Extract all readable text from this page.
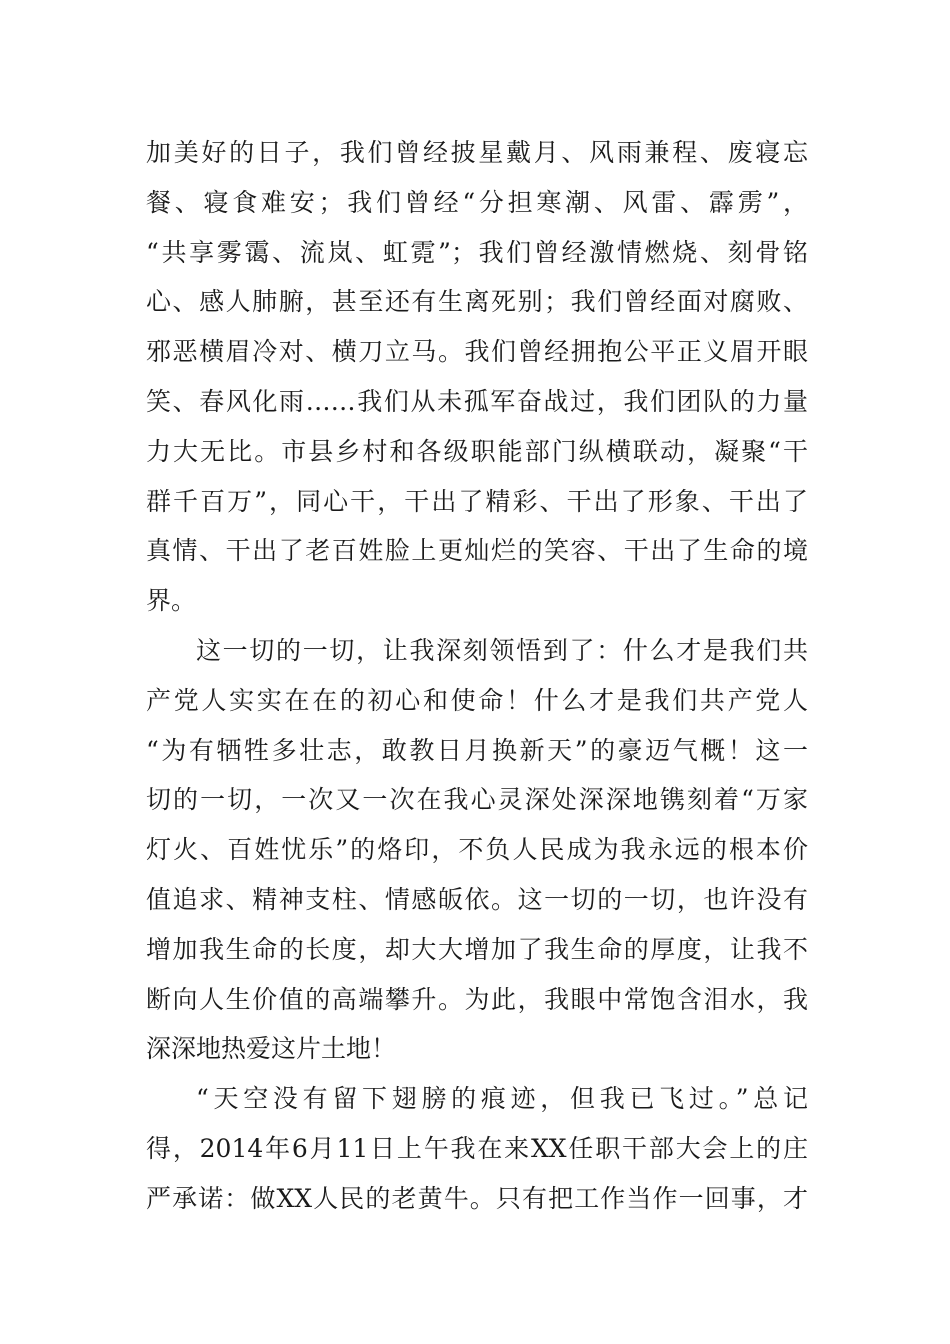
加美好的日子，我们曾经披星戴月、风雨兼程、废寝忘
餐、寝食难安；我们曾经“分担寒潮、风雷、霹雳”，
“共享雾霭、流岚、虹霓”；我们曾经激情燃烧、刻骨铭
心、感人肺腑，甚至还有生离死别；我们曾经面对腐败、
邪恶横眉冷对、横刀立马。我们曾经拥抱公平正义眉开眼
笑、春风化雨……我们从未孤军奋战过，我们团队的力量
力大无比。市县乡村和各级职能部门纵横联动，凝聚“干
群千百万”，同心干，干出了精彩、干出了形象、干出了
真情、干出了老百姓脸上更灿烂的笑容、干出了生命的境
界。
这一切的一切，让我深刻领悟到了：什么才是我们共
产党人实实在在的初心和使命！什么才是我们共产党人
“为有牺牲多壮志，敢教日月换新天”的豪迈气概！这一
切的一切，一次又一次在我心灵深处深深地镌刻着“万家
灯火、百姓忧乐”的烙印，不负人民成为我永远的根本价
值追求、精神支柱、情感皈依。这一切的一切，也许没有
增加我生命的长度，却大大增加了我生命的厚度，让我不
断向人生价值的高端攀升。为此，我眼中常饱含泪水，我
深深地热爱这片土地！
“天空没有留下翅膀的痕迹，但我已飞过。”总记
得，2014年6月11日上午我在来XX任职干部大会上的庄
严承诺：做XX人民的老黄牛。只有把工作当作一回事，才
